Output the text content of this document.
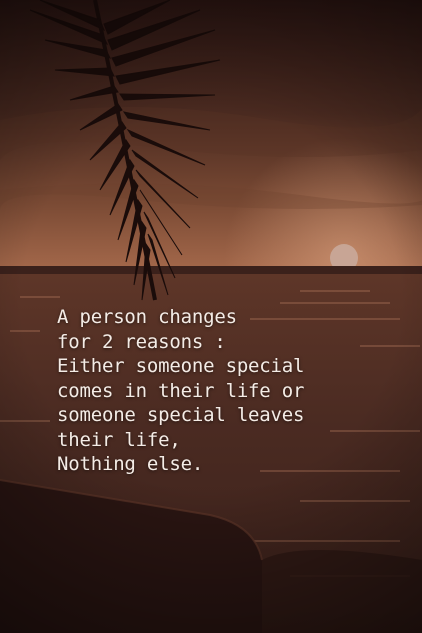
A person changes
for 2 reasons :
Either someone special
comes in their life or
someone special leaves
their life,
Nothing else.
